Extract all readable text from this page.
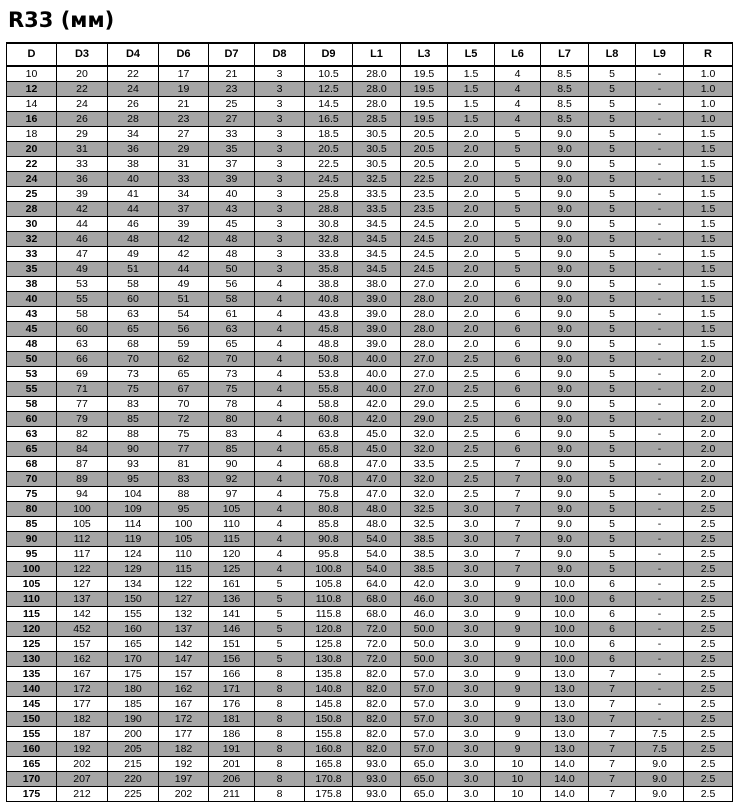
R33 (мм)
D	D3	D4	D6	D7	D8	D9	L1	L3	L5	L6	L7	L8	L9	R
10	20	22	17	21	3	10.5	28.0	19.5	1.5	4	8.5	5	-	1.0
12	22	24	19	23	3	12.5	28.0	19.5	1.5	4	8.5	5	-	1.0
14	24	26	21	25	3	14.5	28.0	19.5	1.5	4	8.5	5	-	1.0
16	26	28	23	27	3	16.5	28.5	19.5	1.5	4	8.5	5	-	1.0
18	29	34	27	33	3	18.5	30.5	20.5	2.0	5	9.0	5	-	1.5
20	31	36	29	35	3	20.5	30.5	20.5	2.0	5	9.0	5	-	1.5
22	33	38	31	37	3	22.5	30.5	20.5	2.0	5	9.0	5	-	1.5
24	36	40	33	39	3	24.5	32.5	22.5	2.0	5	9.0	5	-	1.5
25	39	41	34	40	3	25.8	33.5	23.5	2.0	5	9.0	5	-	1.5
28	42	44	37	43	3	28.8	33.5	23.5	2.0	5	9.0	5	-	1.5
30	44	46	39	45	3	30.8	34.5	24.5	2.0	5	9.0	5	-	1.5
32	46	48	42	48	3	32.8	34.5	24.5	2.0	5	9.0	5	-	1.5
33	47	49	42	48	3	33.8	34.5	24.5	2.0	5	9.0	5	-	1.5
35	49	51	44	50	3	35.8	34.5	24.5	2.0	5	9.0	5	-	1.5
38	53	58	49	56	4	38.8	38.0	27.0	2.0	6	9.0	5	-	1.5
40	55	60	51	58	4	40.8	39.0	28.0	2.0	6	9.0	5	-	1.5
43	58	63	54	61	4	43.8	39.0	28.0	2.0	6	9.0	5	-	1.5
45	60	65	56	63	4	45.8	39.0	28.0	2.0	6	9.0	5	-	1.5
48	63	68	59	65	4	48.8	39.0	28.0	2.0	6	9.0	5	-	1.5
50	66	70	62	70	4	50.8	40.0	27.0	2.5	6	9.0	5	-	2.0
53	69	73	65	73	4	53.8	40.0	27.0	2.5	6	9.0	5	-	2.0
55	71	75	67	75	4	55.8	40.0	27.0	2.5	6	9.0	5	-	2.0
58	77	83	70	78	4	58.8	42.0	29.0	2.5	6	9.0	5	-	2.0
60	79	85	72	80	4	60.8	42.0	29.0	2.5	6	9.0	5	-	2.0
63	82	88	75	83	4	63.8	45.0	32.0	2.5	6	9.0	5	-	2.0
65	84	90	77	85	4	65.8	45.0	32.0	2.5	6	9.0	5	-	2.0
68	87	93	81	90	4	68.8	47.0	33.5	2.5	7	9.0	5	-	2.0
70	89	95	83	92	4	70.8	47.0	32.0	2.5	7	9.0	5	-	2.0
75	94	104	88	97	4	75.8	47.0	32.0	2.5	7	9.0	5	-	2.0
80	100	109	95	105	4	80.8	48.0	32.5	3.0	7	9.0	5	-	2.5
85	105	114	100	110	4	85.8	48.0	32.5	3.0	7	9.0	5	-	2.5
90	112	119	105	115	4	90.8	54.0	38.5	3.0	7	9.0	5	-	2.5
95	117	124	110	120	4	95.8	54.0	38.5	3.0	7	9.0	5	-	2.5
100	122	129	115	125	4	100.8	54.0	38.5	3.0	7	9.0	5	-	2.5
105	127	134	122	161	5	105.8	64.0	42.0	3.0	9	10.0	6	-	2.5
110	137	150	127	136	5	110.8	68.0	46.0	3.0	9	10.0	6	-	2.5
115	142	155	132	141	5	115.8	68.0	46.0	3.0	9	10.0	6	-	2.5
120	452	160	137	146	5	120.8	72.0	50.0	3.0	9	10.0	6	-	2.5
125	157	165	142	151	5	125.8	72.0	50.0	3.0	9	10.0	6	-	2.5
130	162	170	147	156	5	130.8	72.0	50.0	3.0	9	10.0	6	-	2.5
135	167	175	157	166	8	135.8	82.0	57.0	3.0	9	13.0	7	-	2.5
140	172	180	162	171	8	140.8	82.0	57.0	3.0	9	13.0	7	-	2.5
145	177	185	167	176	8	145.8	82.0	57.0	3.0	9	13.0	7	-	2.5
150	182	190	172	181	8	150.8	82.0	57.0	3.0	9	13.0	7	-	2.5
155	187	200	177	186	8	155.8	82.0	57.0	3.0	9	13.0	7	7.5	2.5
160	192	205	182	191	8	160.8	82.0	57.0	3.0	9	13.0	7	7.5	2.5
165	202	215	192	201	8	165.8	93.0	65.0	3.0	10	14.0	7	9.0	2.5
170	207	220	197	206	8	170.8	93.0	65.0	3.0	10	14.0	7	9.0	2.5
175	212	225	202	211	8	175.8	93.0	65.0	3.0	10	14.0	7	9.0	2.5
